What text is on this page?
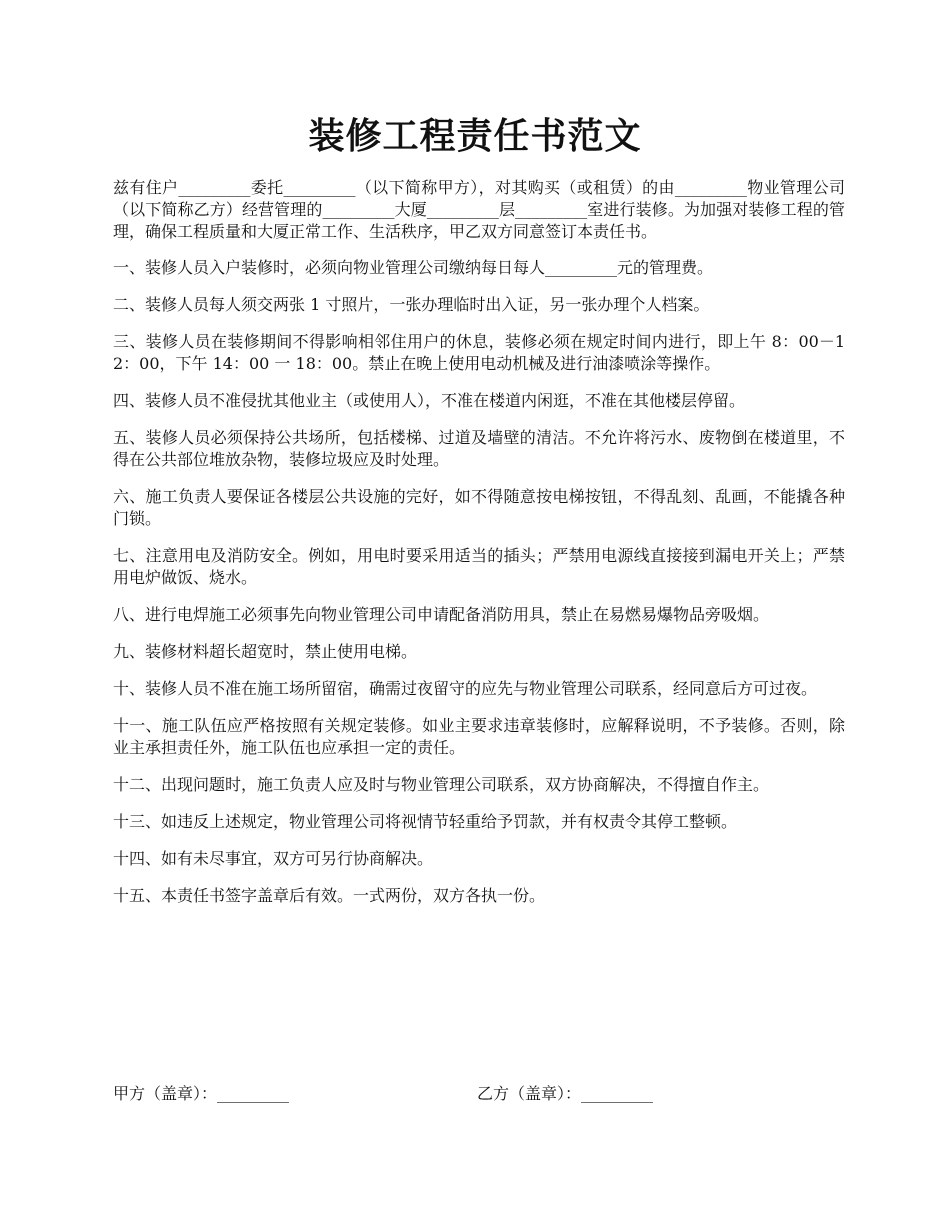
装修工程责任书范文

兹有住户_________委托_________（以下简称甲方），对其购买（或租赁）的由_________物业管理公司（以下简称乙方）经营管理的_________大厦_________层_________室进行装修。为加强对装修工程的管理，确保工程质量和大厦正常工作、生活秩序，甲乙双方同意签订本责任书。

一、装修人员入户装修时，必须向物业管理公司缴纳每日每人_________元的管理费。

二、装修人员每人须交两张 1 寸照片，一张办理临时出入证，另一张办理个人档案。

三、装修人员在装修期间不得影响相邻住用户的休息，装修必须在规定时间内进行，即上午 8：00－12：00，下午 14：00 一 18：00。禁止在晚上使用电动机械及进行油漆喷涂等操作。

四、装修人员不准侵扰其他业主（或使用人），不准在楼道内闲逛，不准在其他楼层停留。

五、装修人员必须保持公共场所，包括楼梯、过道及墙壁的清洁。不允许将污水、废物倒在楼道里，不得在公共部位堆放杂物，装修垃圾应及时处理。

六、施工负责人要保证各楼层公共设施的完好，如不得随意按电梯按钮，不得乱刻、乱画，不能撬各种门锁。

七、注意用电及消防安全。例如，用电时要采用适当的插头；严禁用电源线直接接到漏电开关上；严禁用电炉做饭、烧水。

八、进行电焊施工必须事先向物业管理公司申请配备消防用具，禁止在易燃易爆物品旁吸烟。

九、装修材料超长超宽时，禁止使用电梯。

十、装修人员不准在施工场所留宿，确需过夜留守的应先与物业管理公司联系，经同意后方可过夜。

十一、施工队伍应严格按照有关规定装修。如业主要求违章装修时，应解释说明，不予装修。否则，除业主承担责任外，施工队伍也应承担一定的责任。

十二、出现问题时，施工负责人应及时与物业管理公司联系，双方协商解决，不得擅自作主。

十三、如违反上述规定，物业管理公司将视情节轻重给予罚款，并有权责令其停工整顿。

十四、如有未尽事宜，双方可另行协商解决。

十五、本责任书签字盖章后有效。一式两份，双方各执一份。

甲方（盖章）：_________	乙方（盖章）：_________
